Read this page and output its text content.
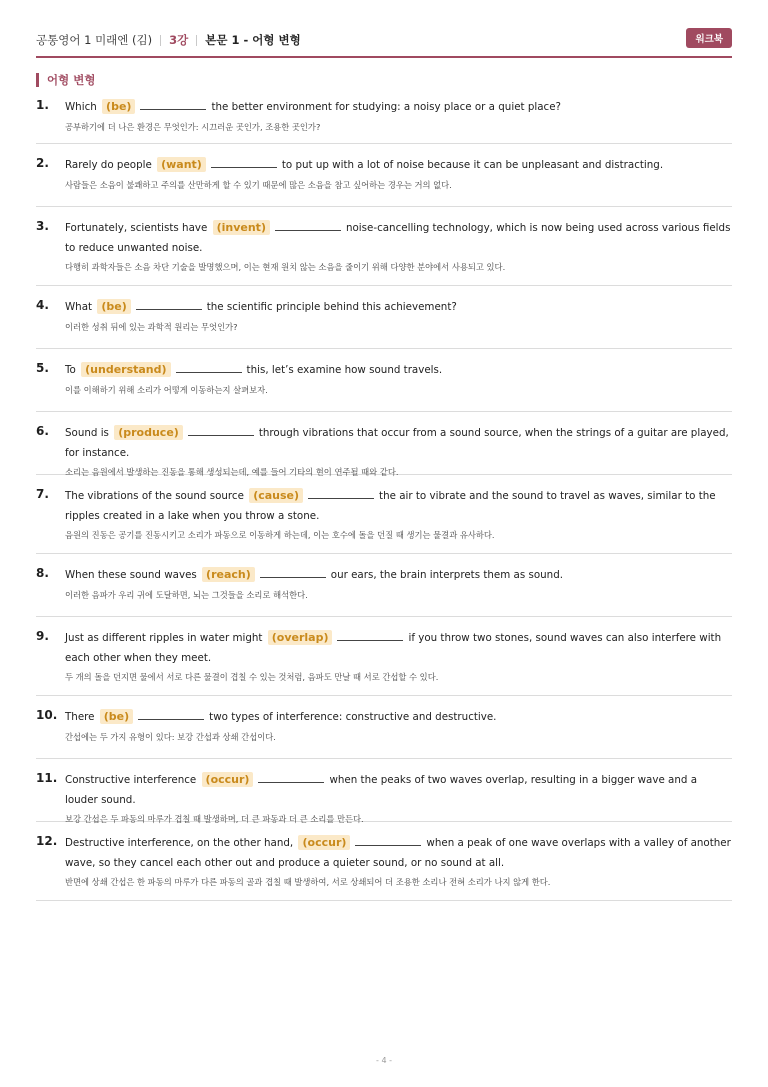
공통영어 1 미래엔 (김) 3강 본문 1 - 어형 변형	워크북
어형 변형
1.	Which (be)	the better environment for studying: a noisy place or a quiet place?
공부하기에 더 나은 환경은 무엇인가: 시끄러운 곳인가, 조용한 곳인가?
2.	Rarely do people (want)	to put up with a lot of noise because it can be unpleasant and distracting.
사람들은 소음이 불쾌하고 주의를 산만하게 할 수 있기 때문에 많은 소음을 참고 싶어하는 경우는 거의 없다.
3.	Fortunately, scientists have (invent)	noise-cancelling technology, which is now being used across various fields to reduce unwanted noise.
다행히 과학자들은 소음 차단 기술을 발명했으며, 이는 현재 원치 않는 소음을 줄이기 위해 다양한 분야에서 사용되고 있다.
4.	What (be)	the scientific principle behind this achievement?
이러한 성취 뒤에 있는 과학적 원리는 무엇인가?
5.	To (understand)	this, let’s examine how sound travels.
이를 이해하기 위해 소리가 어떻게 이동하는지 살펴보자.
6.	Sound is (produce)	through vibrations that occur from a sound source, when the strings of a guitar are played, for instance.
소리는 음원에서 발생하는 진동을 통해 생성되는데, 예를 들어 기타의 현이 연주될 때와 같다.
7.	The vibrations of the sound source (cause)	the air to vibrate and the sound to travel as waves, similar to the ripples created in a lake when you throw a stone.
음원의 진동은 공기를 진동시키고 소리가 파동으로 이동하게 하는데, 이는 호수에 돌을 던질 때 생기는 물결과 유사하다.
8.	When these sound waves (reach)	our ears, the brain interprets them as sound.
이러한 음파가 우리 귀에 도달하면, 뇌는 그것들을 소리로 해석한다.
9.	Just as different ripples in water might (overlap)	if you throw two stones, sound waves can also interfere with each other when they meet.
두 개의 돌을 던지면 물에서 서로 다른 물결이 겹칠 수 있는 것처럼, 음파도 만날 때 서로 간섭할 수 있다.
10. There (be)	two types of interference: constructive and destructive.
간섭에는 두 가지 유형이 있다: 보강 간섭과 상쇄 간섭이다.
11. Constructive interference (occur)	when the peaks of two waves overlap, resulting in a bigger wave and a louder sound.
보강 간섭은 두 파동의 마루가 겹칠 때 발생하며, 더 큰 파동과 더 큰 소리를 만든다.
12. Destructive interference, on the other hand, (occur)	when a peak of one wave overlaps with a valley of another wave, so they cancel each other out and produce a quieter sound, or no sound at all.
반면에 상쇄 간섭은 한 파동의 마루가 다른 파동의 골과 겹칠 때 발생하여, 서로 상쇄되어 더 조용한 소리나 전혀 소리가 나지 않게 한다.
- 4 -
